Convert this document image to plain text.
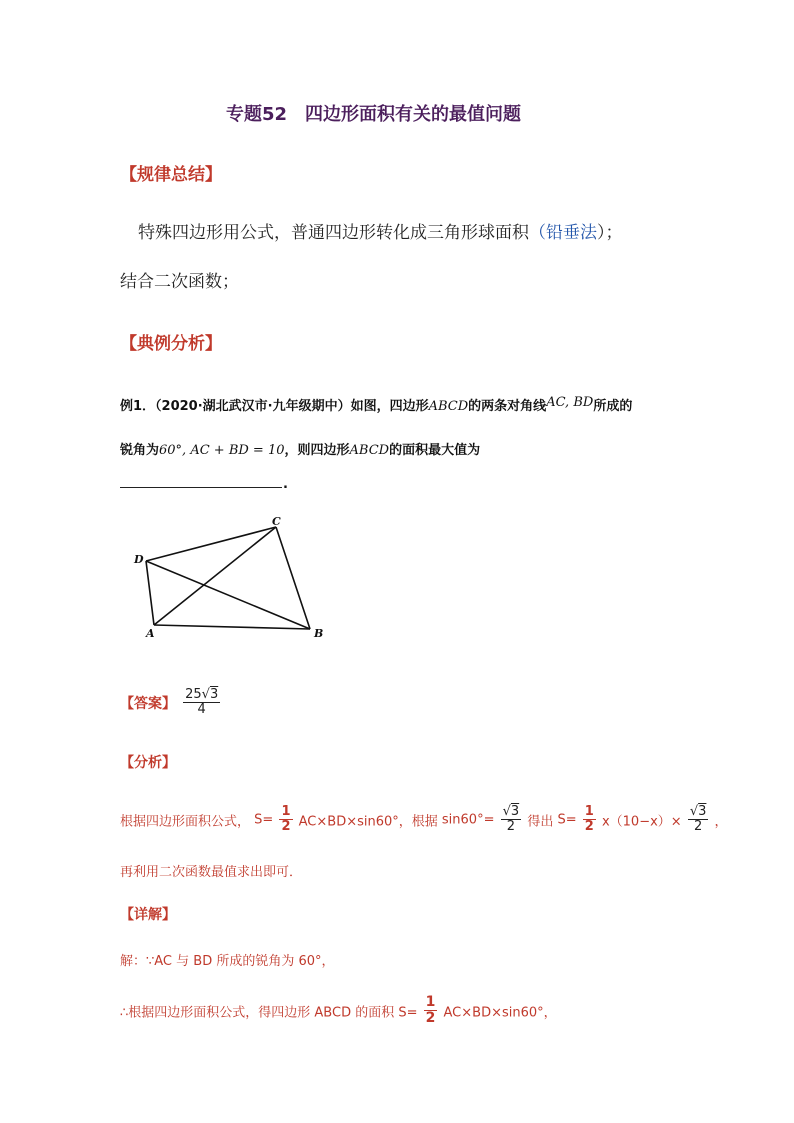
专题52　四边形面积有关的最值问题
【规律总结】
特殊四边形用公式，普通四边形转化成三角形球面积（铅垂法）；
结合二次函数；
【典例分析】
例1．（2020·湖北武汉市·九年级期中）如图，四边形ABCD的两条对角线AC, BD所成的
锐角为60°, AC + BD = 10，则四边形ABCD的面积最大值为
.
D
C
A	B
【答案】 $\frac{25√3}{4}$
【分析】
根据四边形面积公式， $S= \frac{1}{2} AC\times BD\times\sin 60^\circ$，根据 $\sin 60^\circ= \frac{√3}{2}$ 得出 $S= \frac{1}{2} x(10-x)\times \frac{√3}{2}$ ，
再利用二次函数最值求出即可．
【详解】
解：∵AC 与 BD 所成的锐角为 60°，
∴根据四边形面积公式，得四边形 ABCD 的面积 $S= \frac{1}{2} AC\times BD\times\sin 60^\circ$，
